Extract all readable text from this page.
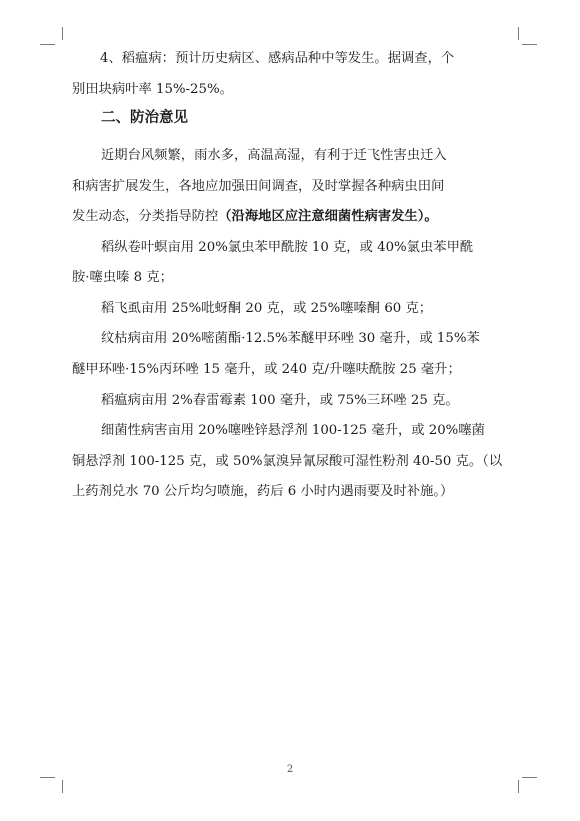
4、稻瘟病：预计历史病区、感病品种中等发生。据调查，个
别田块病叶率 15%-25%。
二、防治意见
近期台风频繁，雨水多，高温高湿，有利于迁飞性害虫迁入
和病害扩展发生，各地应加强田间调查，及时掌握各种病虫田间
发生动态，分类指导防控（沿海地区应注意细菌性病害发生）。
稻纵卷叶螟亩用 20%氯虫苯甲酰胺 10 克，或 40%氯虫苯甲酰
胺·噻虫嗪 8 克；
稻飞虱亩用 25%吡蚜酮 20 克，或 25%噻嗪酮 60 克；
纹枯病亩用 20%嘧菌酯·12.5%苯醚甲环唑 30 毫升，或 15%苯
醚甲环唑·15%丙环唑 15 毫升，或 240 克/升噻呋酰胺 25 毫升；
稻瘟病亩用 2%春雷霉素 100 毫升，或 75%三环唑 25 克。
细菌性病害亩用 20%噻唑锌悬浮剂 100-125 毫升，或 20%噻菌
铜悬浮剂 100-125 克，或 50%氯溴异氰尿酸可湿性粉剂 40-50 克。（以
上药剂兑水 70 公斤均匀喷施，药后 6 小时内遇雨要及时补施。）
2
